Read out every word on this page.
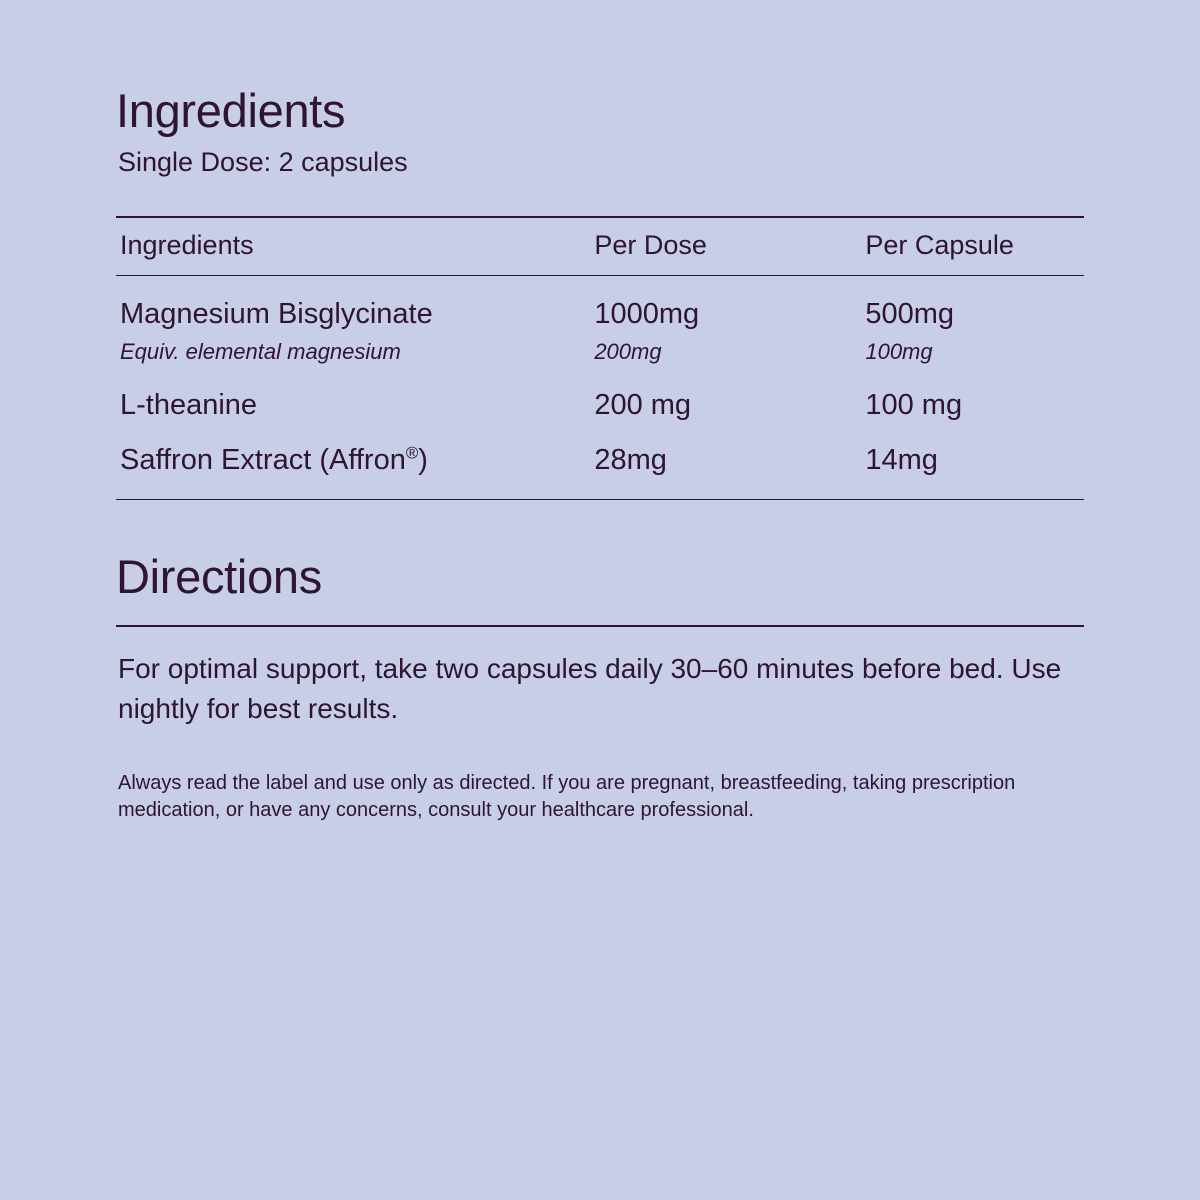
Ingredients

Single Dose: 2 capsules

Ingredients	Per Dose	Per Capsule
Magnesium Bisglycinate	1000mg	500mg
Equiv. elemental magnesium	200mg	100mg
L-theanine	200 mg	100 mg
Saffron Extract (Affron®)	28mg	14mg
Directions

For optimal support, take two capsules daily 30–60 minutes before bed. Use nightly for best results.

Always read the label and use only as directed. If you are pregnant, breastfeeding, taking prescription medication, or have any concerns, consult your healthcare professional.
